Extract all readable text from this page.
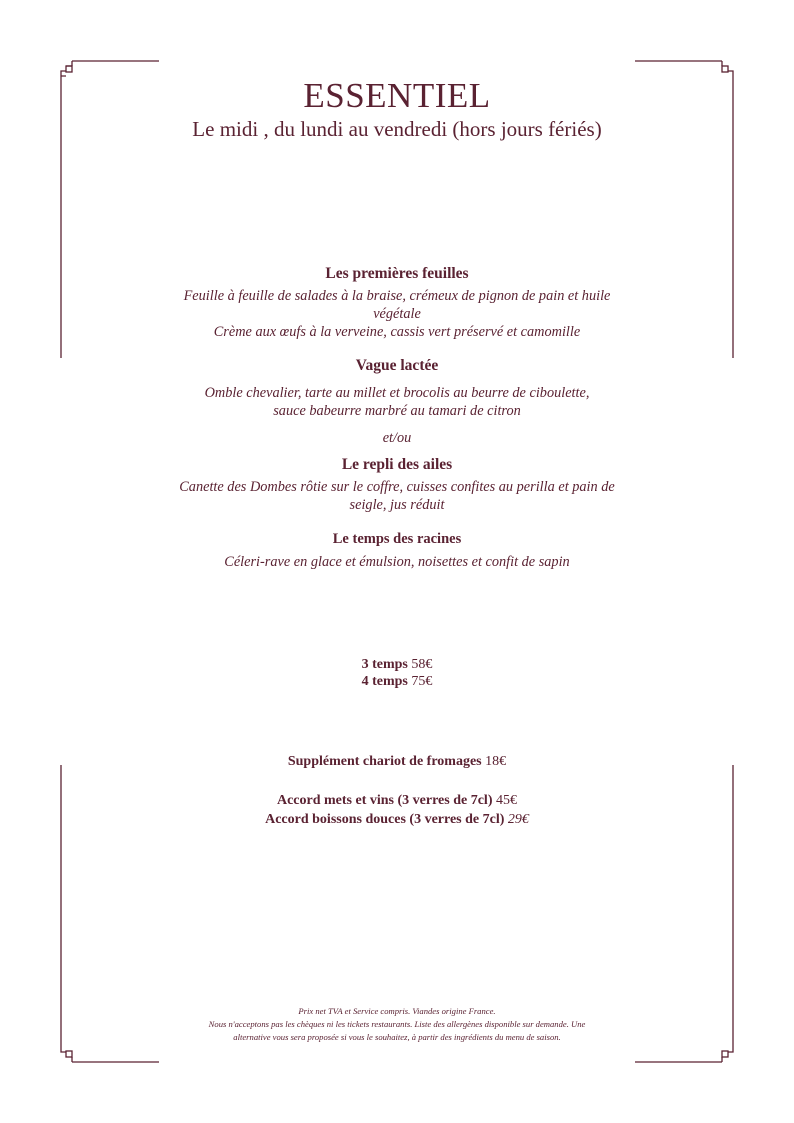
ESSENTIEL
Le midi , du lundi au vendredi (hors jours fériés)
Les premières feuilles
Feuille à feuille de salades à la braise, crémeux de pignon de pain et huile
végétale
Crème aux œufs à la verveine, cassis vert préservé et camomille
Vague lactée
Omble chevalier, tarte au millet et brocolis au beurre de ciboulette,
sauce babeurre marbré au tamari de citron
et/ou
Le repli des ailes
Canette des Dombes rôtie sur le coffre, cuisses confites au perilla et pain de
seigle, jus réduit
Le temps des racines
Céleri-rave en glace et émulsion, noisettes et confit de sapin
3 temps 58€
4 temps 75€
Supplément chariot de fromages 18€
Accord mets et vins (3 verres de 7cl) 45€
Accord boissons douces (3 verres de 7cl) 29€
Prix net TVA et Service compris. Viandes origine France.
Nous n'acceptons pas les chèques ni les tickets restaurants. Liste des allergènes disponible sur demande. Une
alternative vous sera proposée si vous le souhaitez, à partir des ingrédients du menu de saison.
